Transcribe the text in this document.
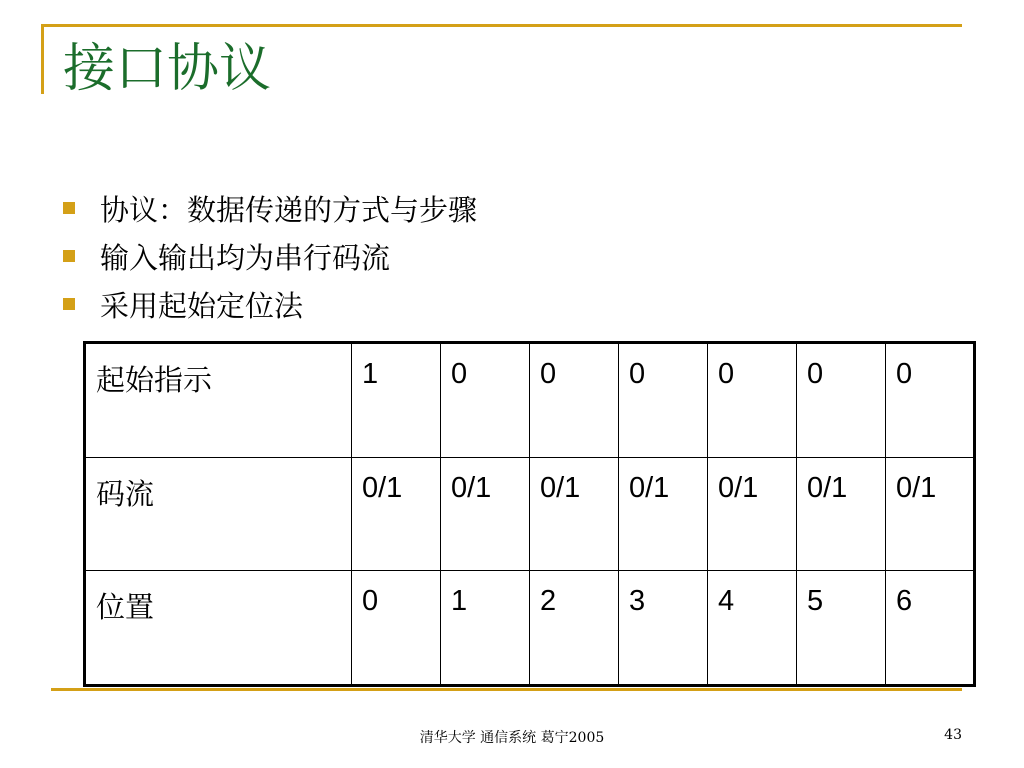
接口协议
协议：数据传递的方式与步骤
输入输出均为串行码流
采用起始定位法
起始指示	1	0	0	0	0	0	0
码流	0/1	0/1	0/1	0/1	0/1	0/1	0/1
位置	0	1	2	3	4	5	6
清华大学 通信系统 葛宁2005	43
